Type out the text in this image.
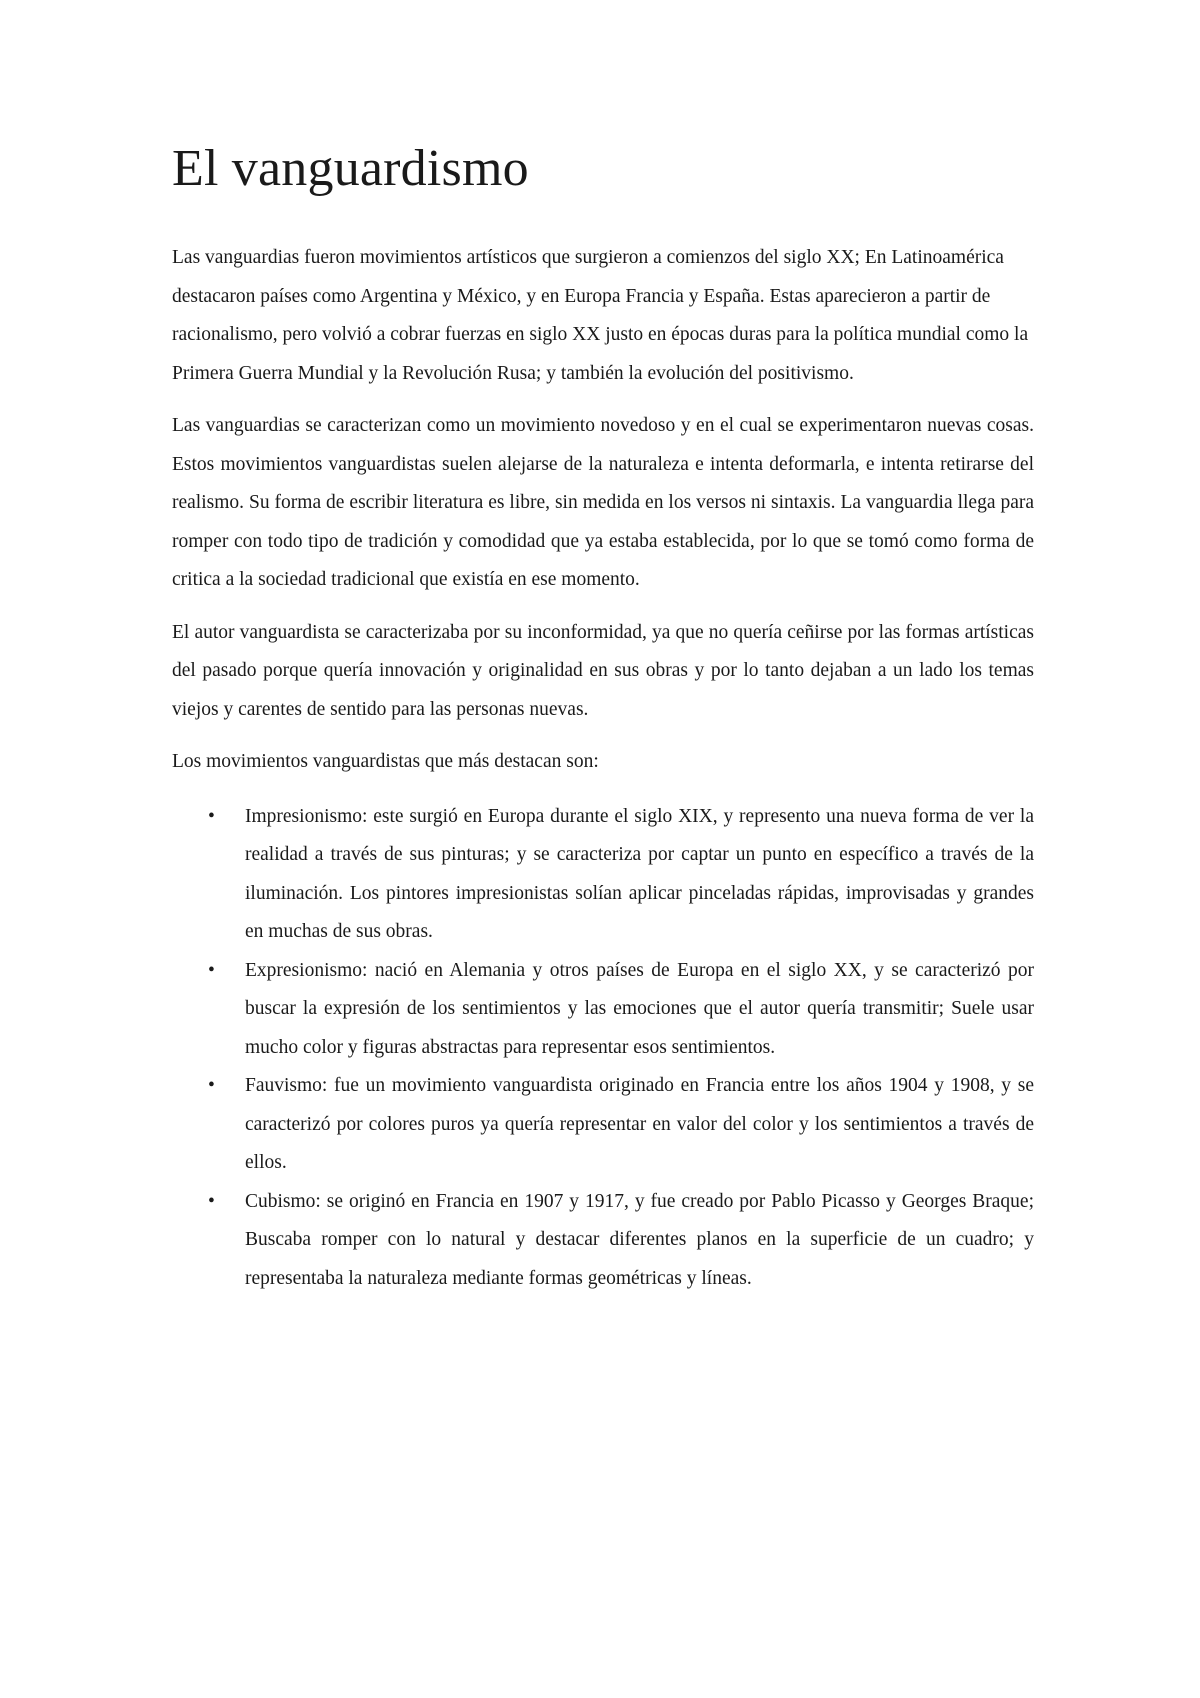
El vanguardismo

Las vanguardias fueron movimientos artísticos que surgieron a comienzos del siglo XX; En Latinoamérica destacaron países como Argentina y México, y en Europa Francia y España. Estas aparecieron a partir de racionalismo, pero volvió a cobrar fuerzas en siglo XX justo en épocas duras para la política mundial como la Primera Guerra Mundial y la Revolución Rusa; y también la evolución del positivismo.

Las vanguardias se caracterizan como un movimiento novedoso y en el cual se experimentaron nuevas cosas. Estos movimientos vanguardistas suelen alejarse de la naturaleza e intenta deformarla, e intenta retirarse del realismo. Su forma de escribir literatura es libre, sin medida en los versos ni sintaxis. La vanguardia llega para romper con todo tipo de tradición y comodidad que ya estaba establecida, por lo que se tomó como forma de critica a la sociedad tradicional que existía en ese momento.

El autor vanguardista se caracterizaba por su inconformidad, ya que no quería ceñirse por las formas artísticas del pasado porque quería innovación y originalidad en sus obras y por lo tanto dejaban a un lado los temas viejos y carentes de sentido para las personas nuevas.

Los movimientos vanguardistas que más destacan son:

• Impresionismo: este surgió en Europa durante el siglo XIX, y represento una nueva forma de ver la realidad a través de sus pinturas; y se caracteriza por captar un punto en específico a través de la iluminación. Los pintores impresionistas solían aplicar pinceladas rápidas, improvisadas y grandes en muchas de sus obras.
• Expresionismo: nació en Alemania y otros países de Europa en el siglo XX, y se caracterizó por buscar la expresión de los sentimientos y las emociones que el autor quería transmitir; Suele usar mucho color y figuras abstractas para representar esos sentimientos.
• Fauvismo: fue un movimiento vanguardista originado en Francia entre los años 1904 y 1908, y se caracterizó por colores puros ya quería representar en valor del color y los sentimientos a través de ellos.
• Cubismo: se originó en Francia en 1907 y 1917, y fue creado por Pablo Picasso y Georges Braque; Buscaba romper con lo natural y destacar diferentes planos en la superficie de un cuadro; y representaba la naturaleza mediante formas geométricas y líneas.
